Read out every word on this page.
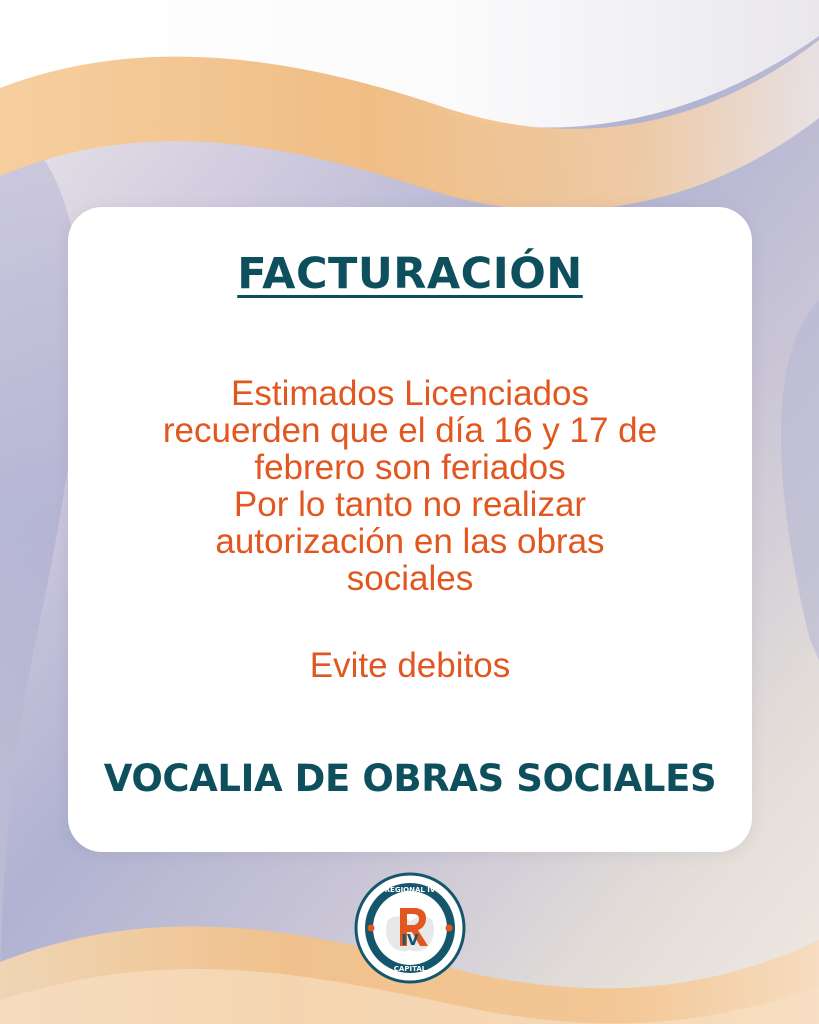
FACTURACIÓN

Estimados Licenciados

recuerden que el día 16 y 17 de

febrero son feriados

Por lo tanto no realizar

autorización en las obras

sociales

Evite debitos
VOCALIA DE OBRAS SOCIALES
IV
REGIONAL IV
CAPITAL
